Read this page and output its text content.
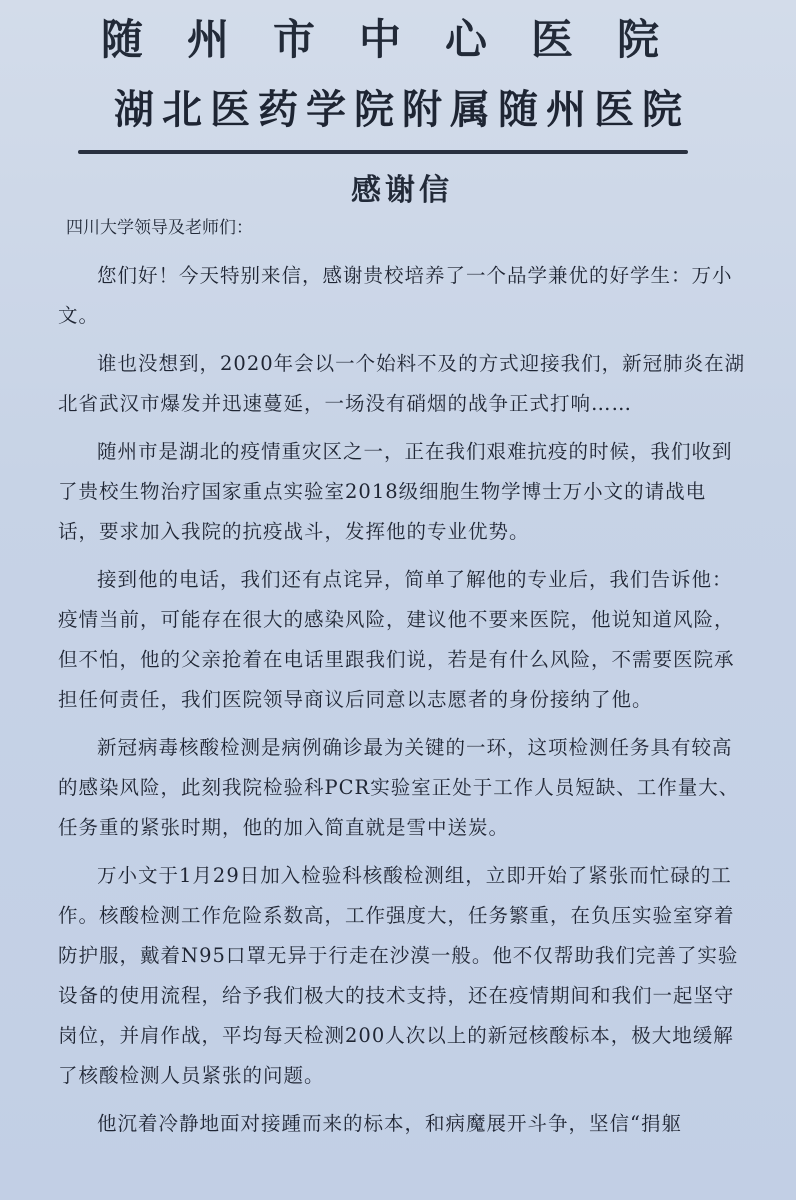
随州市中心医院
湖北医药学院附属随州医院
感谢信
四川大学领导及老师们：

您们好！今天特别来信，感谢贵校培养了一个品学兼优的好学生：万小文。

谁也没想到，2020年会以一个始料不及的方式迎接我们，新冠肺炎在湖北省武汉市爆发并迅速蔓延，一场没有硝烟的战争正式打响……

随州市是湖北的疫情重灾区之一，正在我们艰难抗疫的时候，我们收到了贵校生物治疗国家重点实验室2018级细胞生物学博士万小文的请战电话，要求加入我院的抗疫战斗，发挥他的专业优势。

接到他的电话，我们还有点诧异，简单了解他的专业后，我们告诉他：疫情当前，可能存在很大的感染风险，建议他不要来医院，他说知道风险，但不怕，他的父亲抢着在电话里跟我们说，若是有什么风险，不需要医院承担任何责任，我们医院领导商议后同意以志愿者的身份接纳了他。

新冠病毒核酸检测是病例确诊最为关键的一环，这项检测任务具有较高的感染风险，此刻我院检验科PCR实验室正处于工作人员短缺、工作量大、任务重的紧张时期，他的加入简直就是雪中送炭。

万小文于1月29日加入检验科核酸检测组，立即开始了紧张而忙碌的工作。核酸检测工作危险系数高，工作强度大，任务繁重，在负压实验室穿着防护服，戴着N95口罩无异于行走在沙漠一般。他不仅帮助我们完善了实验设备的使用流程，给予我们极大的技术支持，还在疫情期间和我们一起坚守岗位，并肩作战，平均每天检测200人次以上的新冠核酸标本，极大地缓解了核酸检测人员紧张的问题。

他沉着冷静地面对接踵而来的标本，和病魔展开斗争，坚信“捐躯
